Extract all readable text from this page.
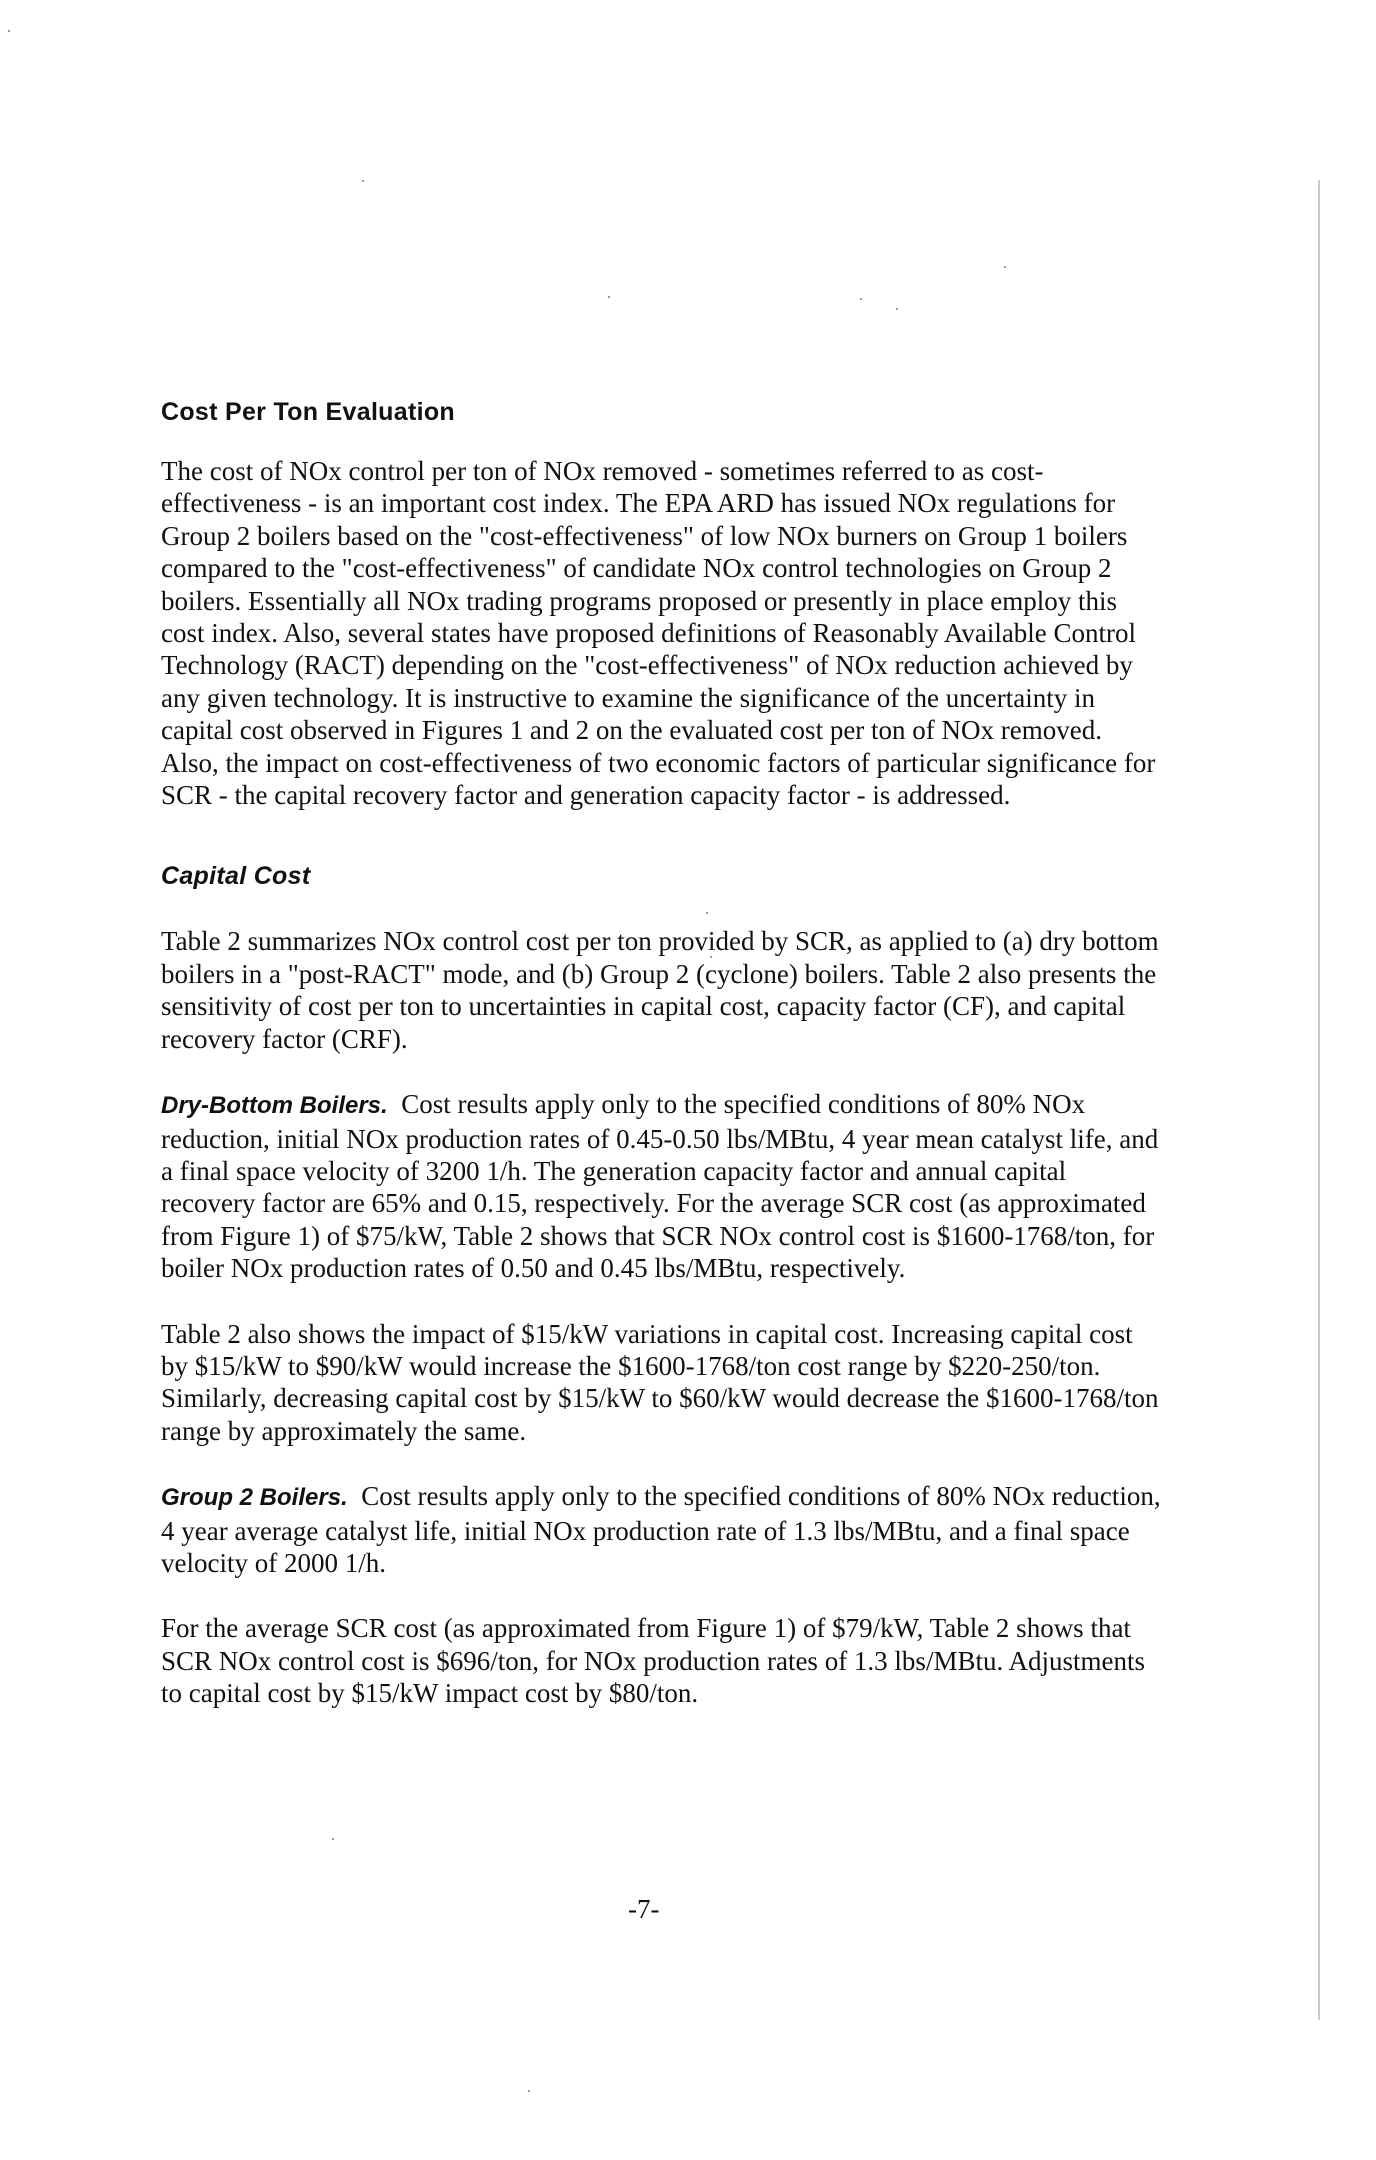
Cost Per Ton Evaluation

The cost of NOx control per ton of NOx removed - sometimes referred to as cost-effectiveness - is an important cost index. The EPA ARD has issued NOx regulations for Group 2 boilers based on the "cost-effectiveness" of low NOx burners on Group 1 boilers compared to the "cost-effectiveness" of candidate NOx control technologies on Group 2 boilers. Essentially all NOx trading programs proposed or presently in place employ this cost index. Also, several states have proposed definitions of Reasonably Available Control Technology (RACT) depending on the "cost-effectiveness" of NOx reduction achieved by any given technology. It is instructive to examine the significance of the uncertainty in capital cost observed in Figures 1 and 2 on the evaluated cost per ton of NOx removed. Also, the impact on cost-effectiveness of two economic factors of particular significance for SCR - the capital recovery factor and generation capacity factor - is addressed.

Capital Cost

Table 2 summarizes NOx control cost per ton provided by SCR, as applied to (a) dry bottom boilers in a "post-RACT" mode, and (b) Group 2 (cyclone) boilers. Table 2 also presents the sensitivity of cost per ton to uncertainties in capital cost, capacity factor (CF), and capital recovery factor (CRF).

Dry-Bottom Boilers. Cost results apply only to the specified conditions of 80% NOx reduction, initial NOx production rates of 0.45-0.50 lbs/MBtu, 4 year mean catalyst life, and a final space velocity of 3200 1/h. The generation capacity factor and annual capital recovery factor are 65% and 0.15, respectively. For the average SCR cost (as approximated from Figure 1) of $75/kW, Table 2 shows that SCR NOx control cost is $1600-1768/ton, for boiler NOx production rates of 0.50 and 0.45 lbs/MBtu, respectively.

Table 2 also shows the impact of $15/kW variations in capital cost. Increasing capital cost by $15/kW to $90/kW would increase the $1600-1768/ton cost range by $220-250/ton. Similarly, decreasing capital cost by $15/kW to $60/kW would decrease the $1600-1768/ton range by approximately the same.

Group 2 Boilers. Cost results apply only to the specified conditions of 80% NOx reduction, 4 year average catalyst life, initial NOx production rate of 1.3 lbs/MBtu, and a final space velocity of 2000 1/h.

For the average SCR cost (as approximated from Figure 1) of $79/kW, Table 2 shows that SCR NOx control cost is $696/ton, for NOx production rates of 1.3 lbs/MBtu. Adjustments to capital cost by $15/kW impact cost by $80/ton.

-7-
